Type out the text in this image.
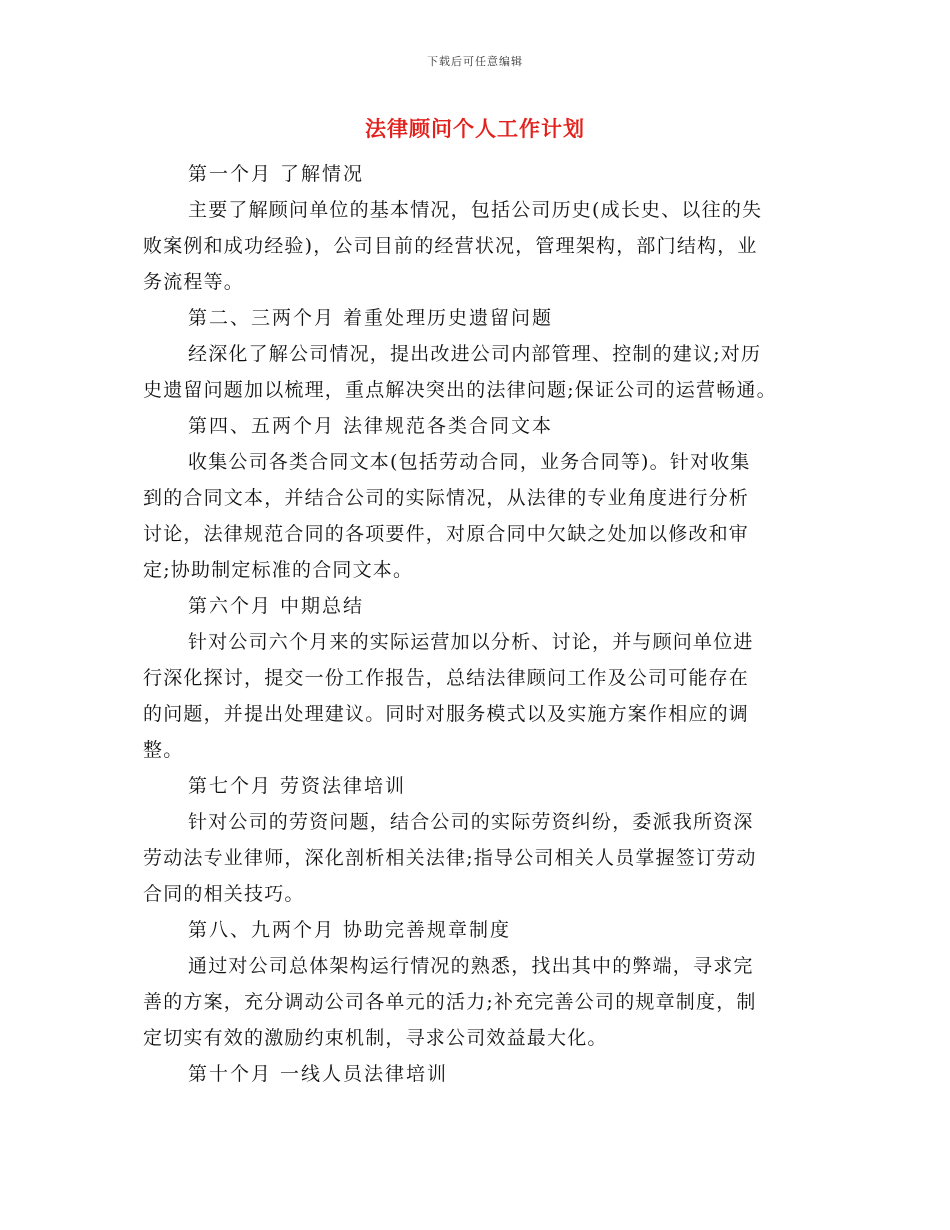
下载后可任意编辑
法律顾问个人工作计划
第一个月 了解情况
主要了解顾问单位的基本情况，包括公司历史(成长史、以往的失
败案例和成功经验)，公司目前的经营状况，管理架构，部门结构，业
务流程等。
第二、三两个月 着重处理历史遗留问题
经深化了解公司情况，提出改进公司内部管理、控制的建议;对历
史遗留问题加以梳理，重点解决突出的法律问题;保证公司的运营畅通。
第四、五两个月 法律规范各类合同文本
收集公司各类合同文本(包括劳动合同，业务合同等)。针对收集
到的合同文本，并结合公司的实际情况，从法律的专业角度进行分析
讨论，法律规范合同的各项要件，对原合同中欠缺之处加以修改和审
定;协助制定标准的合同文本。
第六个月 中期总结
针对公司六个月来的实际运营加以分析、讨论，并与顾问单位进
行深化探讨，提交一份工作报告，总结法律顾问工作及公司可能存在
的问题，并提出处理建议。同时对服务模式以及实施方案作相应的调
整。
第七个月 劳资法律培训
针对公司的劳资问题，结合公司的实际劳资纠纷，委派我所资深
劳动法专业律师，深化剖析相关法律;指导公司相关人员掌握签订劳动
合同的相关技巧。
第八、九两个月 协助完善规章制度
通过对公司总体架构运行情况的熟悉，找出其中的弊端，寻求完
善的方案，充分调动公司各单元的活力;补充完善公司的规章制度，制
定切实有效的激励约束机制，寻求公司效益最大化。
第十个月 一线人员法律培训
